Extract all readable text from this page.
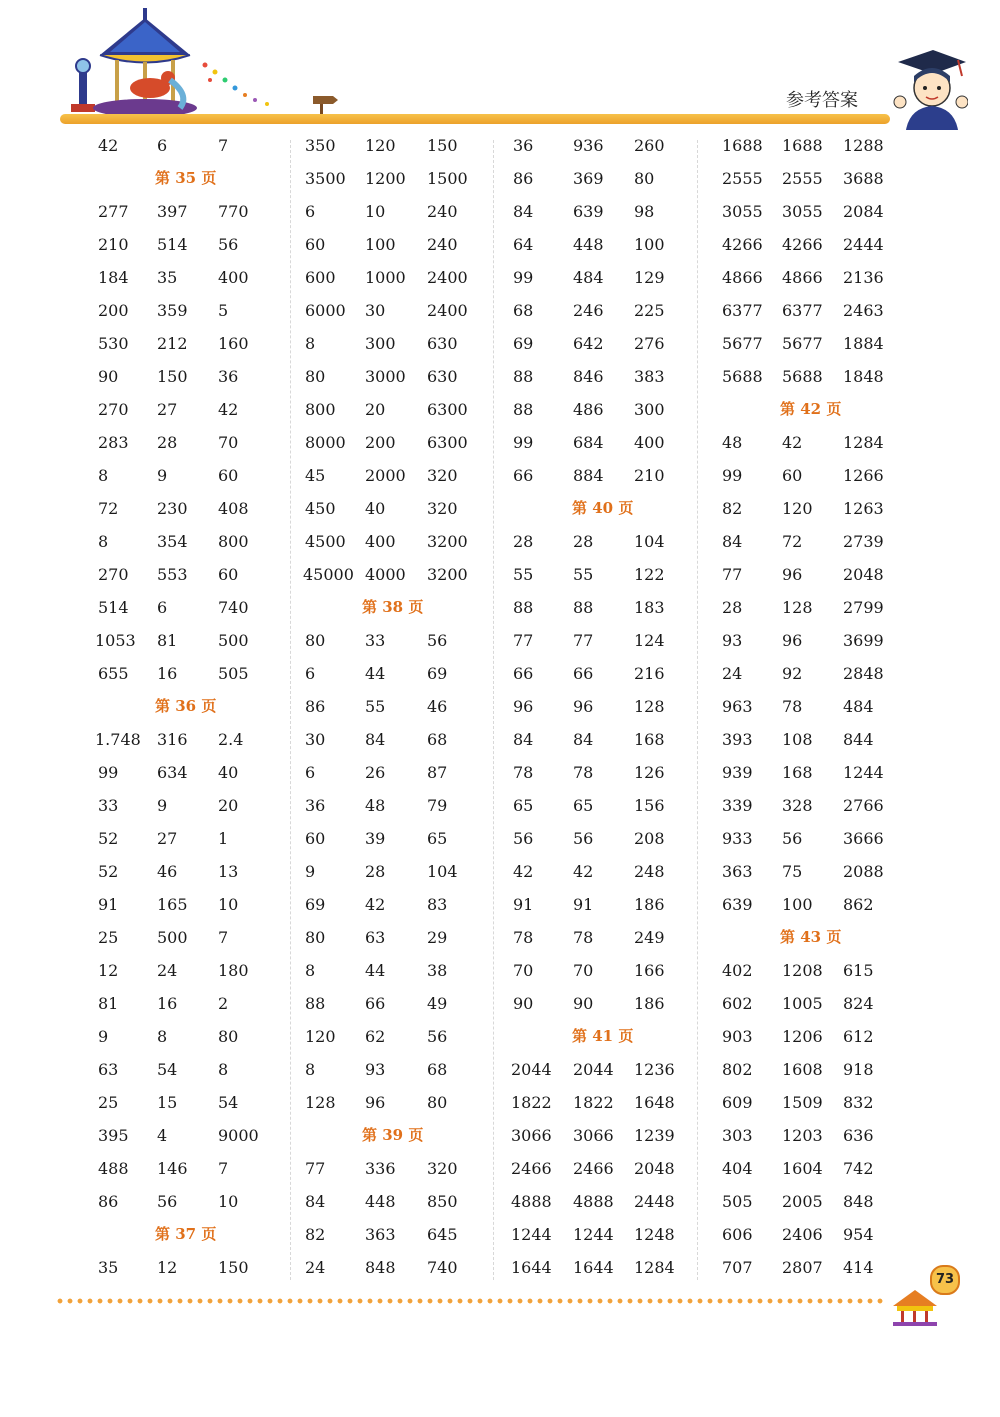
参考答案
42 6	7
第 35 页
277 397 770
210 514 56
184 35	400
200 359 5
530 212 160
90 150 36
270 27	42
283 28	70
8	9	60
72 230 408
8	354 800
270 553 60
514 6	740
1053 81	500
655 16	505
第 36 页
1.748 316 2.4
99 634 40
33 9	20
52 27	1
52 46	13
91 165 10
25 500 7
12 24	180
81 16	2
9	8	80
63 54	8
25 15	54
395 4	9000
488 146 7
86 56	10
第 37 页
35 12	150
350 120 150
3500 1200 1500
6	10	240
60 100 240
600 1000 2400
6000 30	2400
8	300 630
80 3000 630
800 20	6300
8000 200 6300
45 2000 320
450 40	320
4500 400 3200
45000 4000 3200
第 38 页
80 33	56
6	44	69
86 55	46
30 84	68
6	26	87
36 48	79
60 39	65
9	28	104
69 42	83
80 63	29
8	44	38
88 66	49
120 62	56
8	93	68
128 96	80
第 39 页
77 336 320
84 448 850
82 363 645
24 848 740
36 936 260
86 369 80
84 639 98
64 448 100
99 484 129
68 246 225
69 642 276
88 846 383
88 486 300
99 684 400
66 884 210
第 40 页
28 28	104
55 55	122
88 88	183
77 77	124
66 66	216
96 96	128
84 84	168
78 78	126
65 65	156
56 56	208
42 42	248
91 91	186
78 78	249
70 70	166
90 90	186
第 41 页
2044 2044 1236
1822 1822 1648
3066 3066 1239
2466 2466 2048
4888 4888 2448
1244 1244 1248
1644 1644 1284
1688 1688 1288
2555 2555 3688
3055 3055 2084
4266 4266 2444
4866 4866 2136
6377 6377 2463
5677 5677 1884
5688 5688 1848
第 42 页
48 42	1284
99 60	1266
82 120 1263
84 72	2739
77 96	2048
28 128 2799
93 96	3699
24 92	2848
963 78	484
393 108 844
939 168 1244
339 328 2766
933 56	3666
363 75	2088
639 100 862
第 43 页
402 1208 615
602 1005 824
903 1206 612
802 1608 918
609 1509 832
303 1203 636
404 1604 742
505 2005 848
606 2406 954
707 2807 414
73
